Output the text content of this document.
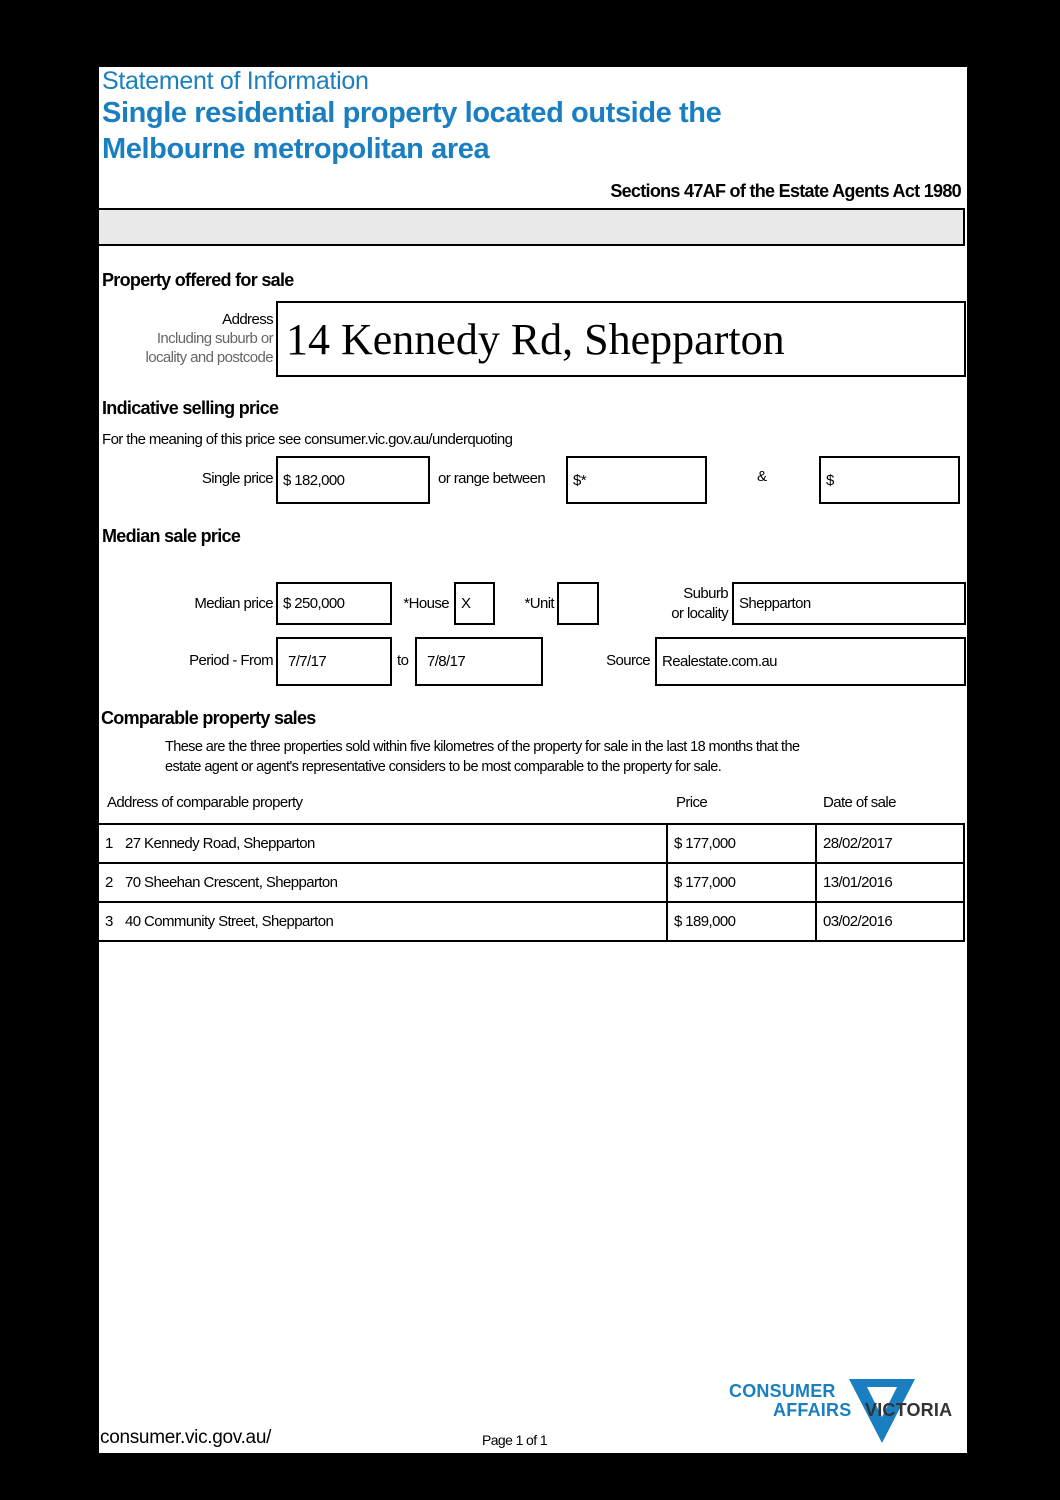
Statement of Information
Single residential property located outside the
Melbourne metropolitan area
Sections 47AF of the Estate Agents Act 1980
Property offered for sale
Address
Including suburb or
locality and postcode 14 Kennedy Rd, Shepparton
Indicative selling price
For the meaning of this price see consumer.vic.gov.au/underquoting
Single price $ 182,000	or range between $*	&	$
Median sale price
Median price $ 250,000	*House X	*Unit
Suburb
or locality
Shepparton
Period - From 7/7/17	to 7/8/17	Source Realestate.com.au
Comparable property sales
These are the three properties sold within five kilometres of the property for sale in the last 18 months that the
estate agent or agent's representative considers to be most comparable to the property for sale.
Address of comparable property	Price	Date of sale
1 27 Kennedy Road, Shepparton	$ 177,000	28/02/2017
2 70 Sheehan Crescent, Shepparton	$ 177,000	13/01/2016
3 40 Community Street, Shepparton	$ 189,000	03/02/2016
consumer.vic.gov.au/	Page 1 of 1
CONSUMER
AFFAIRS VICTORIA
